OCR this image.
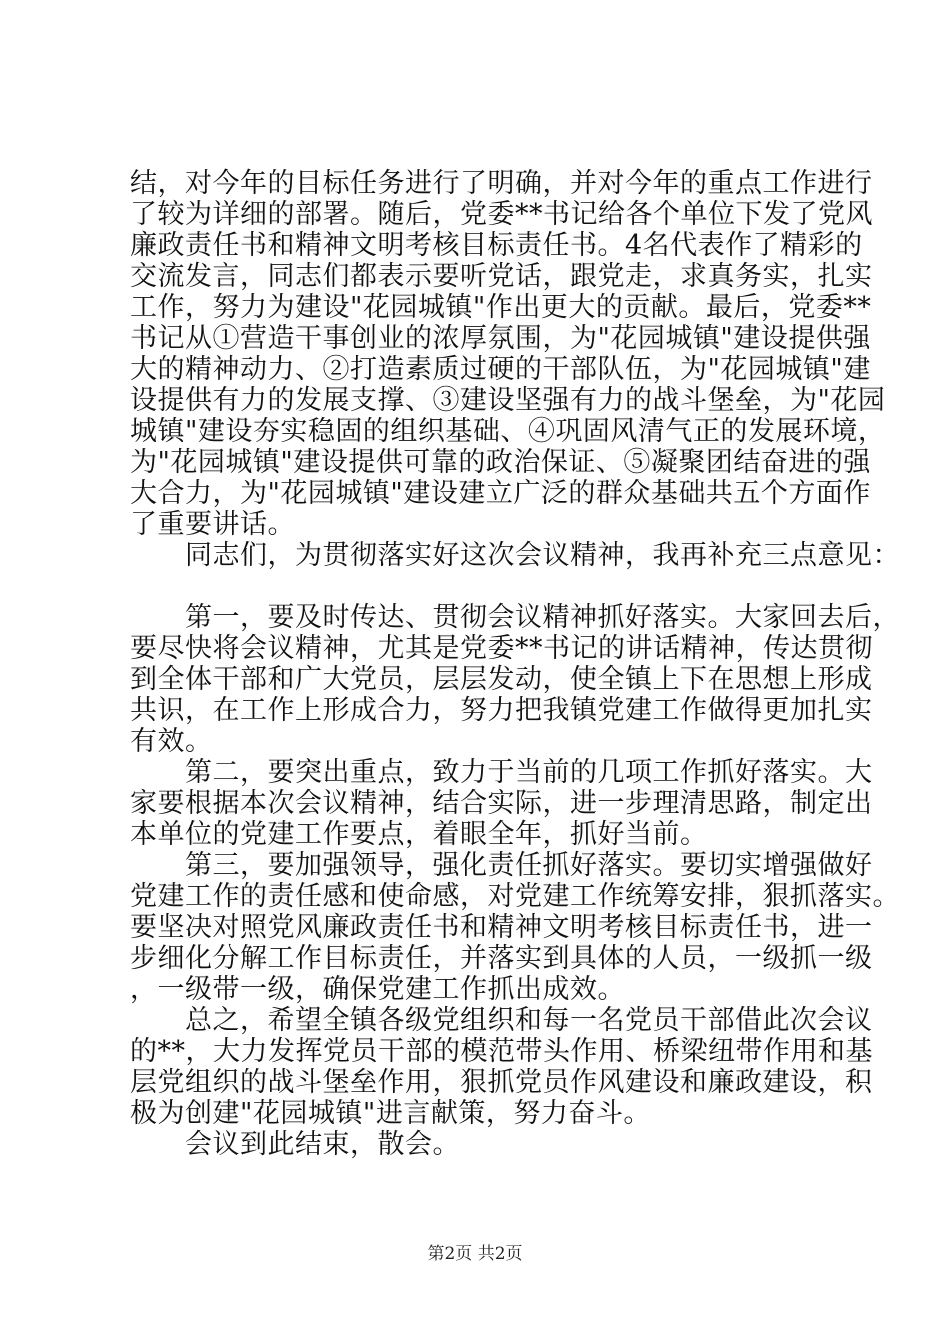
结，对今年的目标任务进行了明确，并对今年的重点工作进行
了较为详细的部署。随后，党委**书记给各个单位下发了党风
廉政责任书和精神文明考核目标责任书。4名代表作了精彩的
交流发言，同志们都表示要听党话，跟党走，求真务实，扎实
工作，努力为建设"花园城镇"作出更大的贡献。最后，党委**
书记从①营造干事创业的浓厚氛围，为"花园城镇"建设提供强
大的精神动力、②打造素质过硬的干部队伍，为"花园城镇"建
设提供有力的发展支撑、③建设坚强有力的战斗堡垒，为"花园
城镇"建设夯实稳固的组织基础、④巩固风清气正的发展环境，
为"花园城镇"建设提供可靠的政治保证、⑤凝聚团结奋进的强
大合力，为"花园城镇"建设建立广泛的群众基础共五个方面作
了重要讲话。
　　同志们，为贯彻落实好这次会议精神，我再补充三点意见：
　　第一，要及时传达、贯彻会议精神抓好落实。大家回去后，
要尽快将会议精神，尤其是党委**书记的讲话精神，传达贯彻
到全体干部和广大党员，层层发动，使全镇上下在思想上形成
共识，在工作上形成合力，努力把我镇党建工作做得更加扎实
有效。
　　第二，要突出重点，致力于当前的几项工作抓好落实。大
家要根据本次会议精神，结合实际，进一步理清思路，制定出
本单位的党建工作要点，着眼全年，抓好当前。
　　第三，要加强领导，强化责任抓好落实。要切实增强做好
党建工作的责任感和使命感，对党建工作统筹安排，狠抓落实。
要坚决对照党风廉政责任书和精神文明考核目标责任书，进一
步细化分解工作目标责任，并落实到具体的人员，一级抓一级
，一级带一级，确保党建工作抓出成效。
　　总之，希望全镇各级党组织和每一名党员干部借此次会议
的**，大力发挥党员干部的模范带头作用、桥梁纽带作用和基
层党组织的战斗堡垒作用，狠抓党员作风建设和廉政建设，积
极为创建"花园城镇"进言献策，努力奋斗。
　　会议到此结束，散会。
第2页 共2页
